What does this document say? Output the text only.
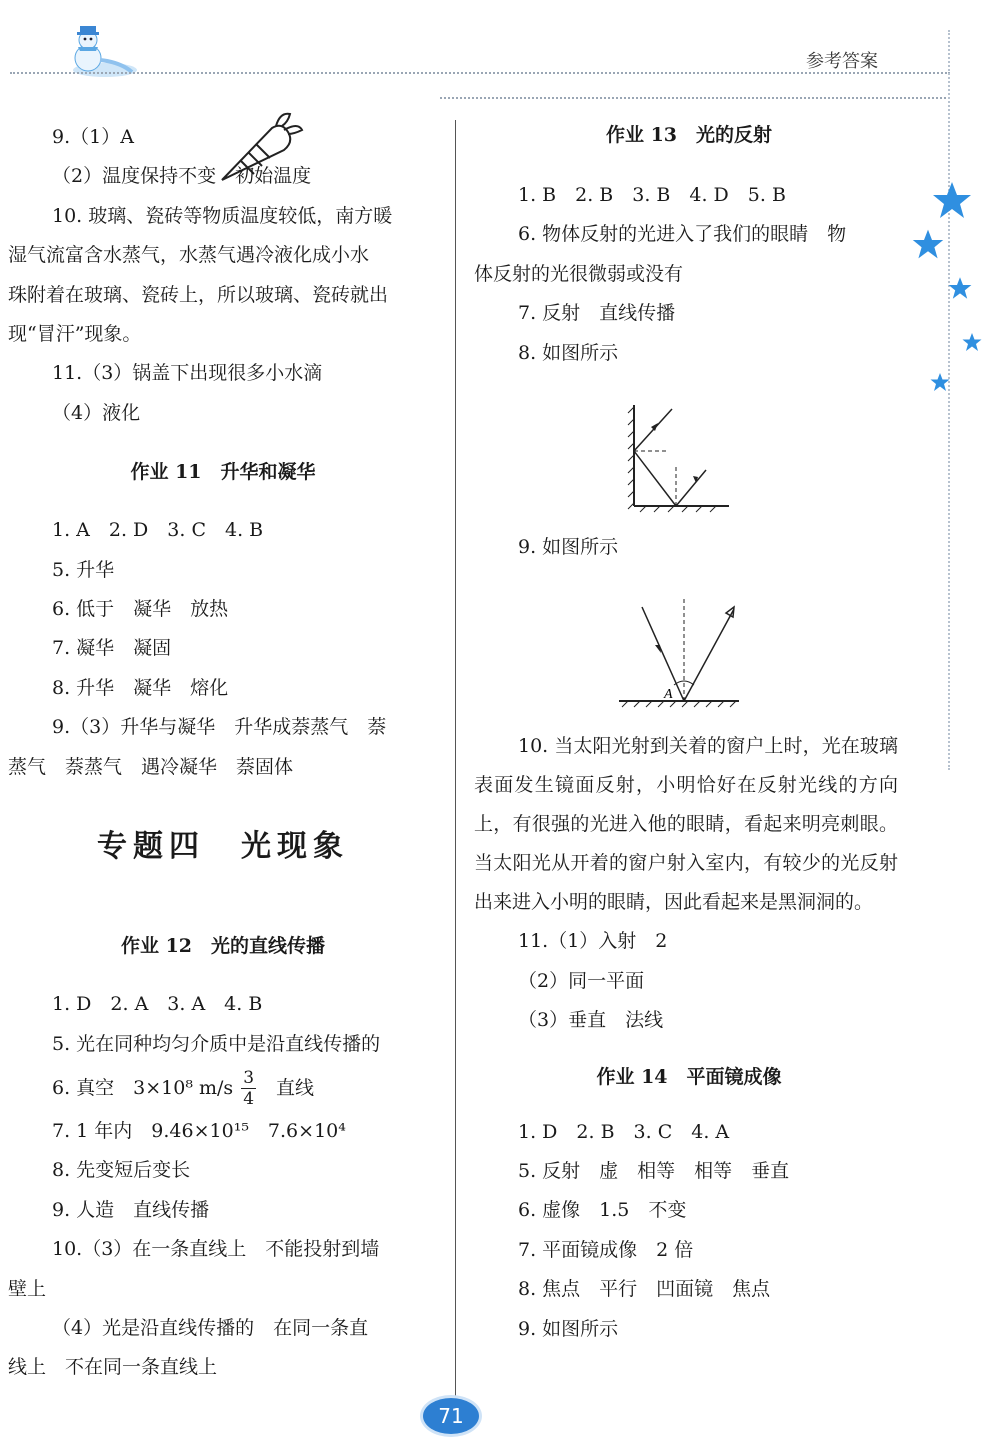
参考答案
9.（1）A
（2）温度保持不变　初始温度
10. 玻璃、瓷砖等物质温度较低，南方暖
湿气流富含水蒸气，水蒸气遇冷液化成小水
珠附着在玻璃、瓷砖上，所以玻璃、瓷砖就出
现“冒汗”现象。
11.（3）锅盖下出现很多小水滴
（4）液化
作业 11　升华和凝华
1. A　2. D　3. C　4. B
5. 升华
6. 低于　凝华　放热
7. 凝华　凝固
8. 升华　凝华　熔化
9.（3）升华与凝华　升华成萘蒸气　萘
蒸气　萘蒸气　遇冷凝华　萘固体
专题四　光现象
作业 12　光的直线传播
1. D　2. A　3. A　4. B
5. 光在同种均匀介质中是沿直线传播的
6. 真空　3×10⁸ $m/s \frac{3}{4}$ 直线
7. 1 年内　9.46×10¹⁵　7.6×10⁴
8. 先变短后变长
9. 人造　直线传播
10.（3）在一条直线上　不能投射到墙
壁上
（4）光是沿直线传播的　在同一条直
线上　不在同一条直线上
作业 13　光的反射
1. B　2. B　3. B　4. D　5. B
6. 物体反射的光进入了我们的眼睛　物
体反射的光很微弱或没有
7. 反射　直线传播
8. 如图所示
9. 如图所示
A
10. 当太阳光射到关着的窗户上时，光在玻璃表面发生镜面反射，小明恰好在反射光线的方向上，有很强的光进入他的眼睛，看起来明亮刺眼。当太阳光从开着的窗户射入室内，有较少的光反射出来进入小明的眼睛，因此看起来是黑洞洞的。
11.（1）入射　2
（2）同一平面
（3）垂直　法线
作业 14　平面镜成像
1. D　2. B　3. C　4. A
5. 反射　虚　相等　相等　垂直
6. 虚像　1.5　不变
7. 平面镜成像　2 倍
8. 焦点　平行　凹面镜　焦点
9. 如图所示
71
